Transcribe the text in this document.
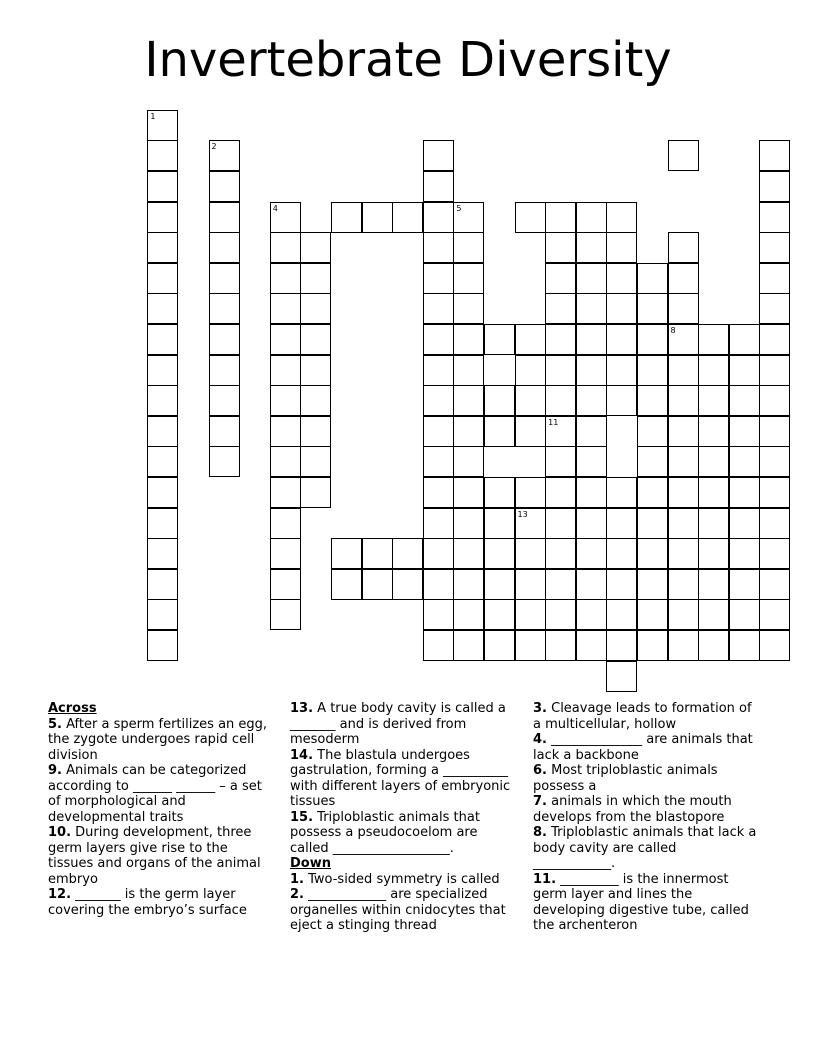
Invertebrate Diversity
1
2
4	5
13
11
8
Across
5. After a sperm fertilizes an egg, the zygote undergoes rapid cell division
9. Animals can be categorized according to ______ ______ – a set of morphological and developmental traits
10. During development, three germ layers give rise to the tissues and organs of the animal embryo
12. _______ is the germ layer covering the embryo’s surface
13. A true body cavity is called a _______ and is derived from mesoderm
14. The blastula undergoes gastrulation, forming a __________ with different layers of embryonic tissues
15. Triploblastic animals that possess a pseudocoelom are called __________________.
Down
1. Two-sided symmetry is called
2. ____________ are specialized organelles within cnidocytes that eject a stinging thread
3. Cleavage leads to formation of a multicellular, hollow
4. ______________ are animals that lack a backbone
6. Most triploblastic animals possess a
7. animals in which the mouth develops from the blastopore
8. Triploblastic animals that lack a body cavity are called ____________.
11. _________ is the innermost germ layer and lines the developing digestive tube, called the archenteron
